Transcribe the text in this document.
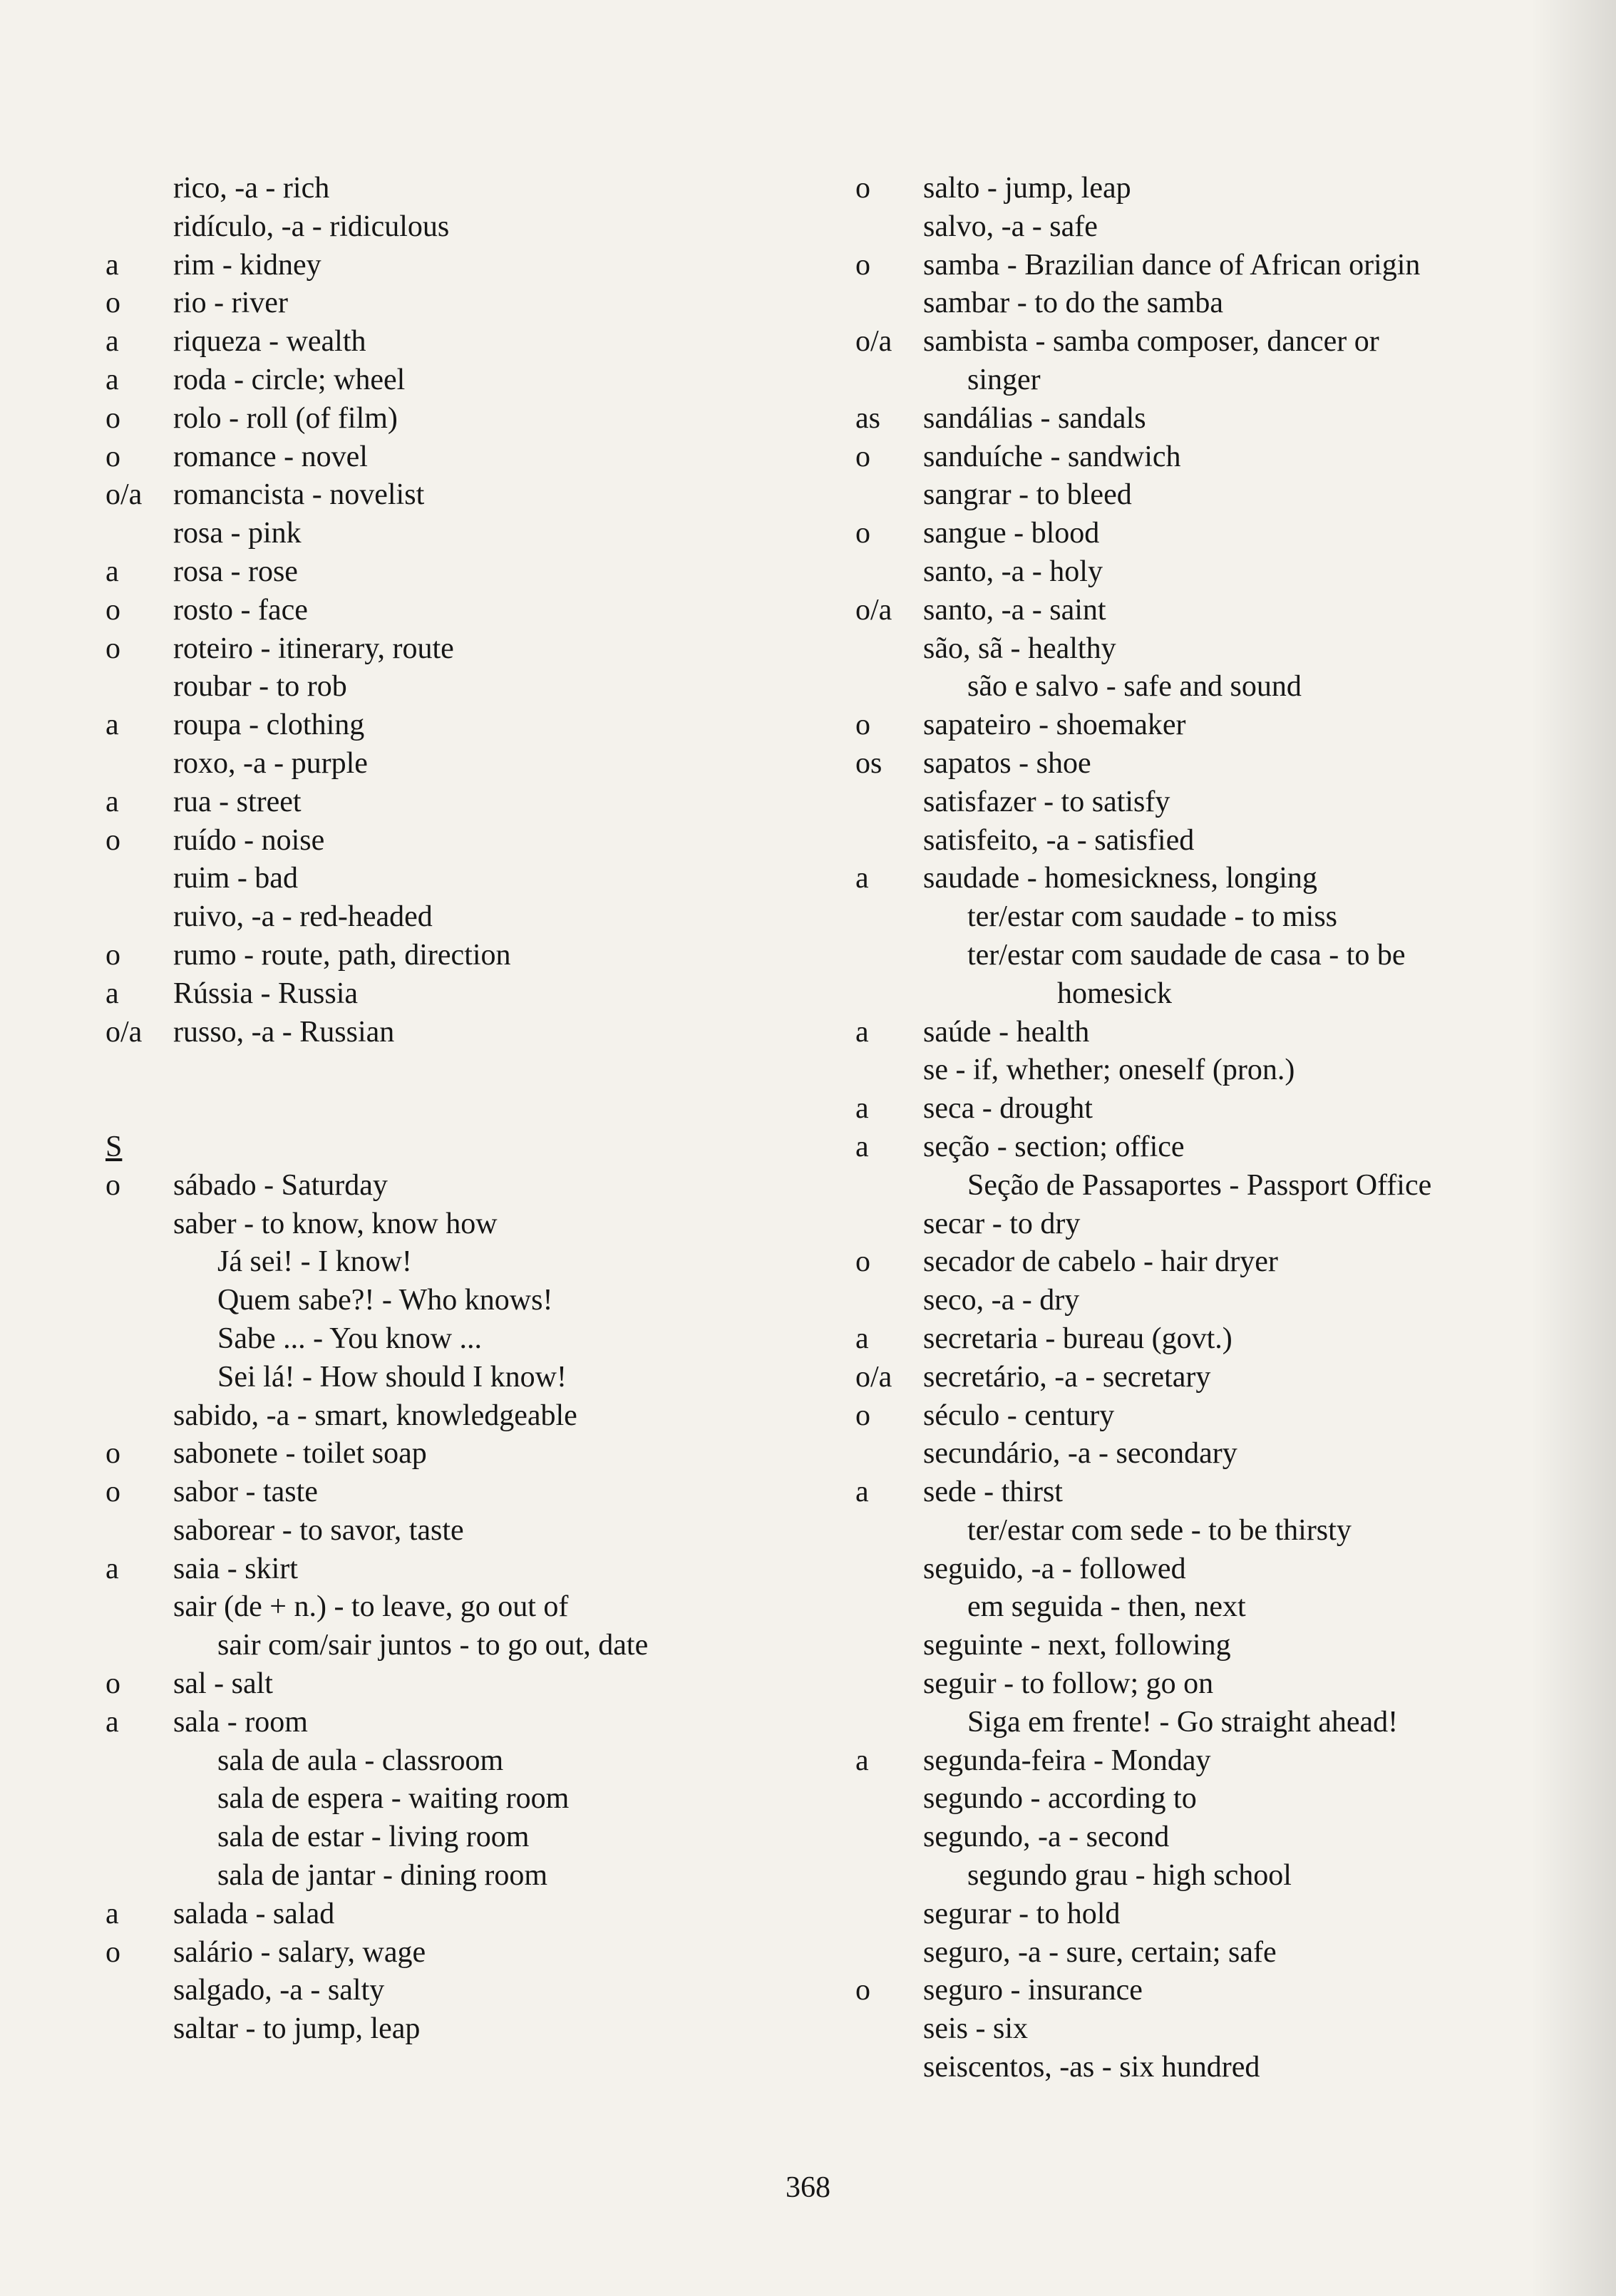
rico, -a - rich
ridículo, -a - ridiculous
a rim - kidney
o rio - river
a riqueza - wealth
a roda - circle; wheel
o rolo - roll (of film)
o romance - novel
o/a romancista - novelist
rosa - pink
a rosa - rose
o rosto - face
o roteiro - itinerary, route
roubar - to rob
a roupa - clothing
roxo, -a - purple
a rua - street
o ruído - noise
ruim - bad
ruivo, -a - red-headed
o rumo - route, path, direction
a Rússia - Russia
o/a russo, -a - Russian
S
o sábado - Saturday
saber - to know, know how
Já sei! - I know!
Quem sabe?! - Who knows!
Sabe ... - You know ...
Sei lá! - How should I know!
sabido, -a - smart, knowledgeable
o sabonete - toilet soap
o sabor - taste
saborear - to savor, taste
a saia - skirt
sair (de + n.) - to leave, go out of
sair com/sair juntos - to go out, date
o sal - salt
a sala - room
sala de aula - classroom
sala de espera - waiting room
sala de estar - living room
sala de jantar - dining room
a salada - salad
o salário - salary, wage
salgado, -a - salty
saltar - to jump, leap
o salto - jump, leap
salvo, -a - safe
o samba - Brazilian dance of African origin
sambar - to do the samba
o/a sambista - samba composer, dancer or
singer
as sandálias - sandals
o sanduíche - sandwich
sangrar - to bleed
o sangue - blood
santo, -a - holy
o/a santo, -a - saint
são, sã - healthy
são e salvo - safe and sound
o sapateiro - shoemaker
os sapatos - shoe
satisfazer - to satisfy
satisfeito, -a - satisfied
a saudade - homesickness, longing
ter/estar com saudade - to miss
ter/estar com saudade de casa - to be
homesick
a saúde - health
se - if, whether; oneself (pron.)
a seca - drought
a seção - section; office
Seção de Passaportes - Passport Office
secar - to dry
o secador de cabelo - hair dryer
seco, -a - dry
a secretaria - bureau (govt.)
o/a secretário, -a - secretary
o século - century
secundário, -a - secondary
a sede - thirst
ter/estar com sede - to be thirsty
seguido, -a - followed
em seguida - then, next
seguinte - next, following
seguir - to follow; go on
Siga em frente! - Go straight ahead!
a segunda-feira - Monday
segundo - according to
segundo, -a - second
segundo grau - high school
segurar - to hold
seguro, -a - sure, certain; safe
o seguro - insurance
seis - six
seiscentos, -as - six hundred
368
